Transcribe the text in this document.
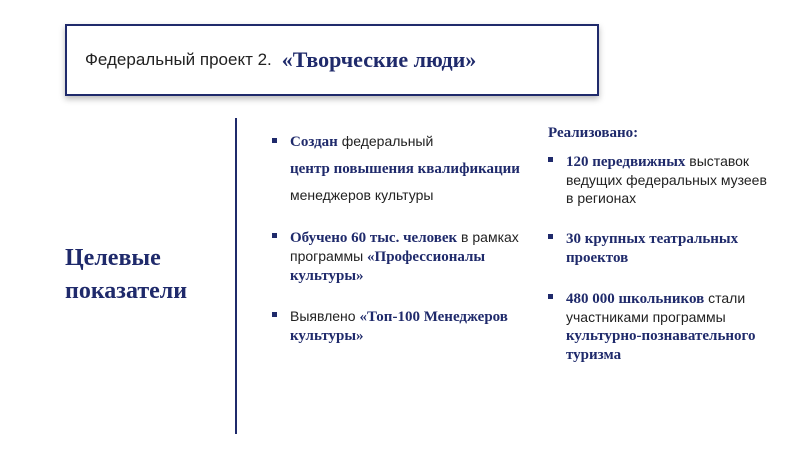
Федеральный проект 2. «Творческие люди»
Целевые
показатели
Создан федеральный
центр повышения квалификации
менеджеров культуры
Обучено 60 тыс. человек в рамках программы «Профессионалы культуры»
Выявлено «Топ-100 Менеджеров культуры»
Реализовано:
120 передвижных выставок ведущих федеральных музеев в регионах
30 крупных театральных проектов
480 000 школьников стали участниками программы культурно-познавательного туризма
